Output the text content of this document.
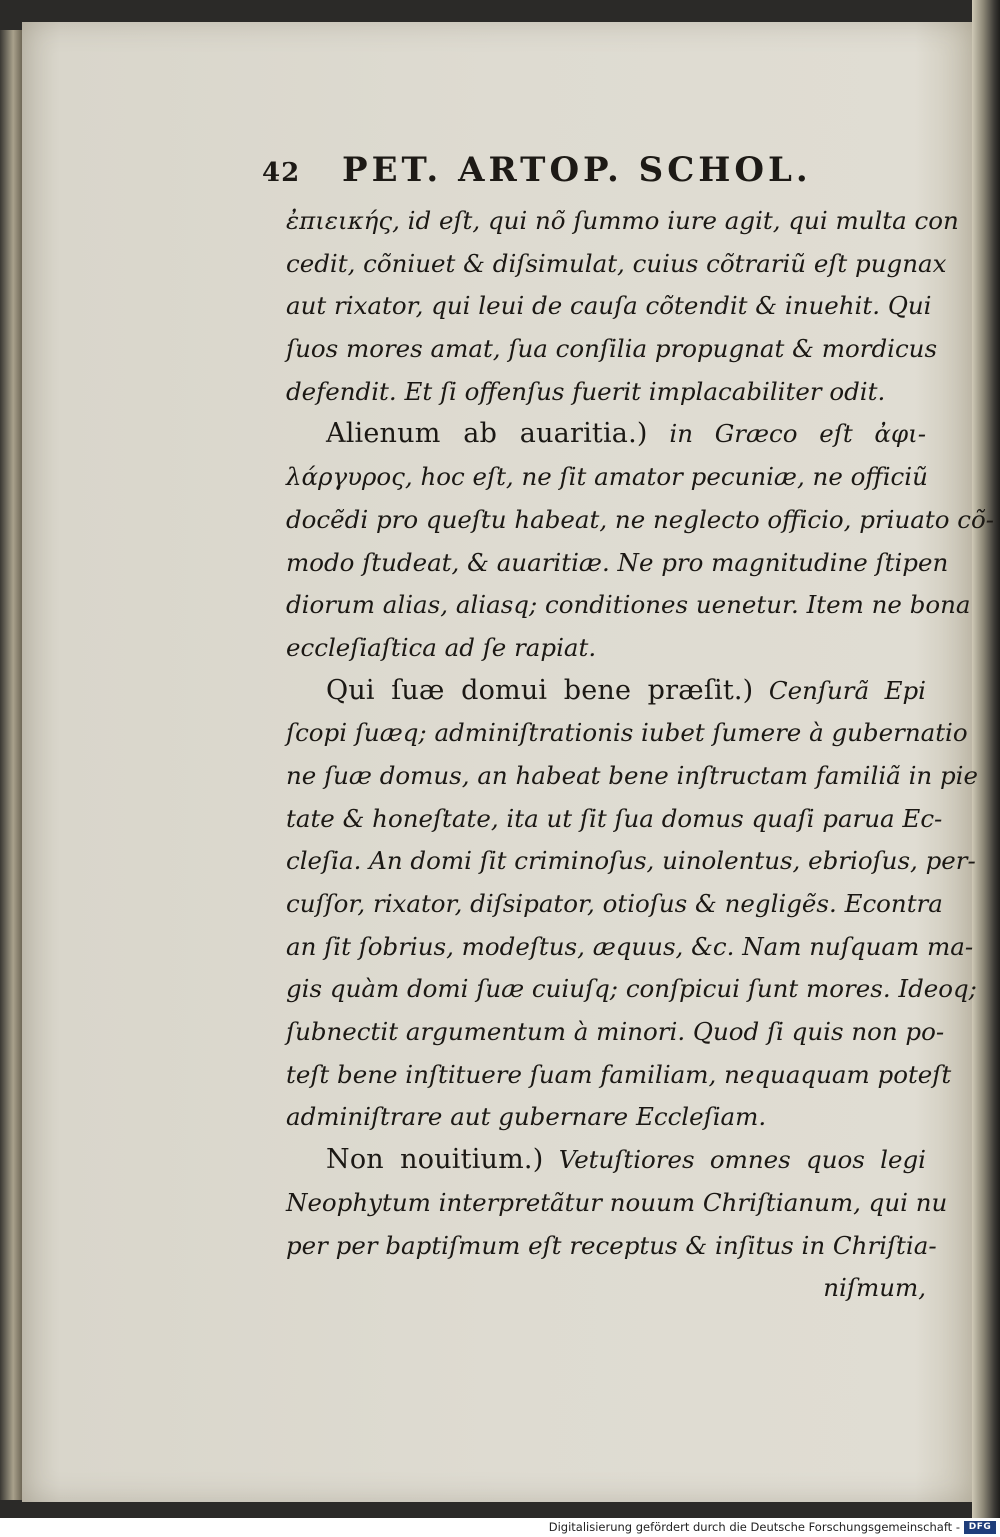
42 PET. ARTOP. SCHOL.
ἐπιεικής, id eſt, qui nõ ſummo iure agit, qui multa con
cedit, cõniuet & diſsimulat, cuius cõtrariũ eſt pugnax
aut rixator, qui leui de cauſa cõtendit & inuehit. Qui
ſuos mores amat, ſua conſilia propugnat & mordicus
defendit. Et ſi offenſus fuerit implacabiliter odit.
Alienum ab auaritia.) in Græco eſt ἀφι-
λάργυρος, hoc eſt, ne ſit amator pecuniæ, ne officiũ
docẽdi pro queſtu habeat, ne neglecto officio, priuato cõ-
modo ſtudeat, & auaritiæ. Ne pro magnitudine ſtipen
diorum alias, aliasq; conditiones uenetur. Item ne bona
eccleſiaſtica ad ſe rapiat.
Qui ſuæ domui bene præſit.) Cenſurã Epi
ſcopi ſuæq; adminiſtrationis iubet ſumere à gubernatio
ne ſuæ domus, an habeat bene inſtructam familiã in pie
tate & honeſtate, ita ut ſit ſua domus quaſi parua Ec-
cleſia. An domi ſit criminoſus, uinolentus, ebrioſus, per-
cuſſor, rixator, diſsipator, otioſus & negligẽs. Econtra
an ſit ſobrius, modeſtus, æquus, &c. Nam nuſquam ma-
gis quàm domi ſuæ cuiuſq; conſpicui ſunt mores. Ideoq;
ſubnectit argumentum à minori. Quod ſi quis non po-
teſt bene inſtituere ſuam familiam, nequaquam poteſt
adminiſtrare aut gubernare Eccleſiam.
Non nouitium.) Vetuſtiores omnes quos legi
Neophytum interpretãtur nouum Chriſtianum, qui nu
per per baptiſmum eſt receptus & inſitus in Chriſtia-
niſmum,
Digitalisierung gefördert durch die Deutsche Forschungsgemeinschaft - DFG
